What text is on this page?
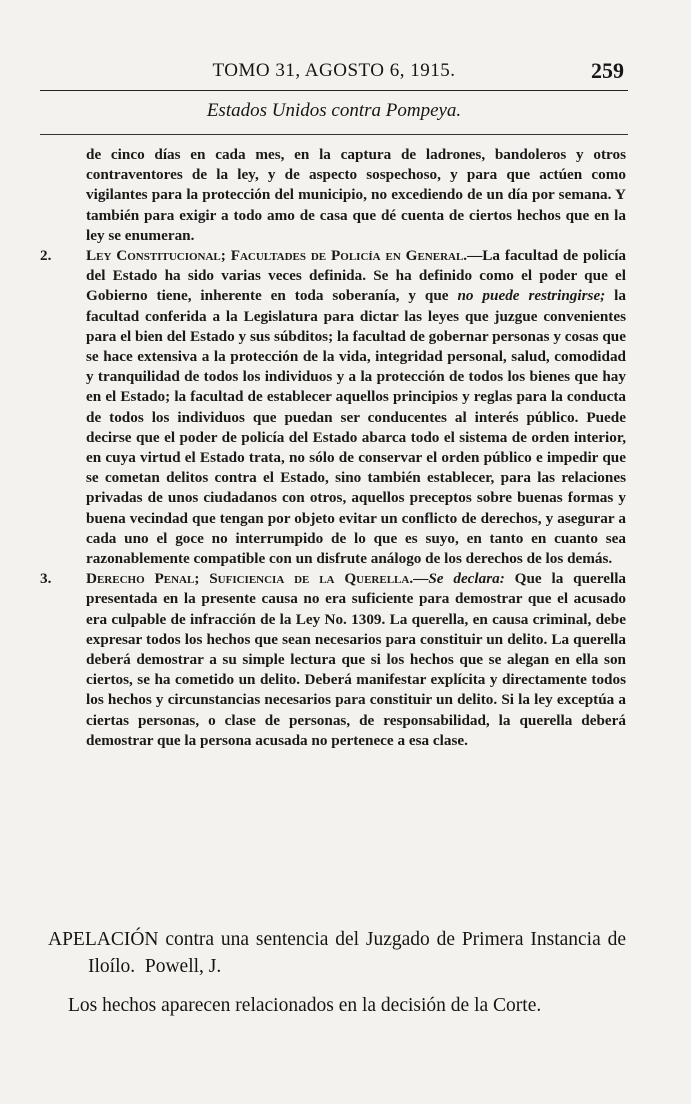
TOMO 31, AGOSTO 6, 1915.	259
Estados Unidos contra Pompeya.

de cinco días en cada mes, en la captura de ladrones, bandoleros y otros contraventores de la ley, y de aspecto sospechoso, y para que actúen como vigilantes para la protección del municipio, no excediendo de un día por semana. Y también para exigir a todo amo de casa que dé cuenta de ciertos hechos que en la ley se enumeran.

2. Ley Constitucional; Facultades de Policía en General.—La facultad de policía del Estado ha sido varias veces definida. Se ha definido como el poder que el Gobierno tiene, inherente en toda soberanía, y que no puede restringirse; la facultad conferida a la Legislatura para dictar las leyes que juzgue convenientes para el bien del Estado y sus súbditos; la facultad de gobernar personas y cosas que se hace extensiva a la protección de la vida, integridad personal, salud, comodidad y tranquilidad de todos los individuos y a la protección de todos los bienes que hay en el Estado; la facultad de establecer aquellos principios y reglas para la conducta de todos los individuos que puedan ser conducentes al interés público. Puede decirse que el poder de policía del Estado abarca todo el sistema de orden interior, en cuya virtud el Estado trata, no sólo de conservar el orden público e impedir que se cometan delitos contra el Estado, sino también establecer, para las relaciones privadas de unos ciudadanos con otros, aquellos preceptos sobre buenas formas y buena vecindad que tengan por objeto evitar un conflicto de derechos, y asegurar a cada uno el goce no interrumpido de lo que es suyo, en tanto en cuanto sea razonablemente compatible con un disfrute análogo de los derechos de los demás.

3. Derecho Penal; Suficiencia de la Querella.—Se declara: Que la querella presentada en la presente causa no era suficiente para demostrar que el acusado era culpable de infracción de la Ley No. 1309. La querella, en causa criminal, debe expresar todos los hechos que sean necesarios para constituir un delito. La querella deberá demostrar a su simple lectura que si los hechos que se alegan en ella son ciertos, se ha cometido un delito. Deberá manifestar explícita y directamente todos los hechos y circunstancias necesarios para constituir un delito. Si la ley exceptúa a ciertas personas, o clase de personas, de responsabilidad, la querella deberá demostrar que la persona acusada no pertenece a esa clase.

APELACIÓN contra una sentencia del Juzgado de Primera Instancia de Iloílo. Powell, J.

Los hechos aparecen relacionados en la decisión de la Corte.
